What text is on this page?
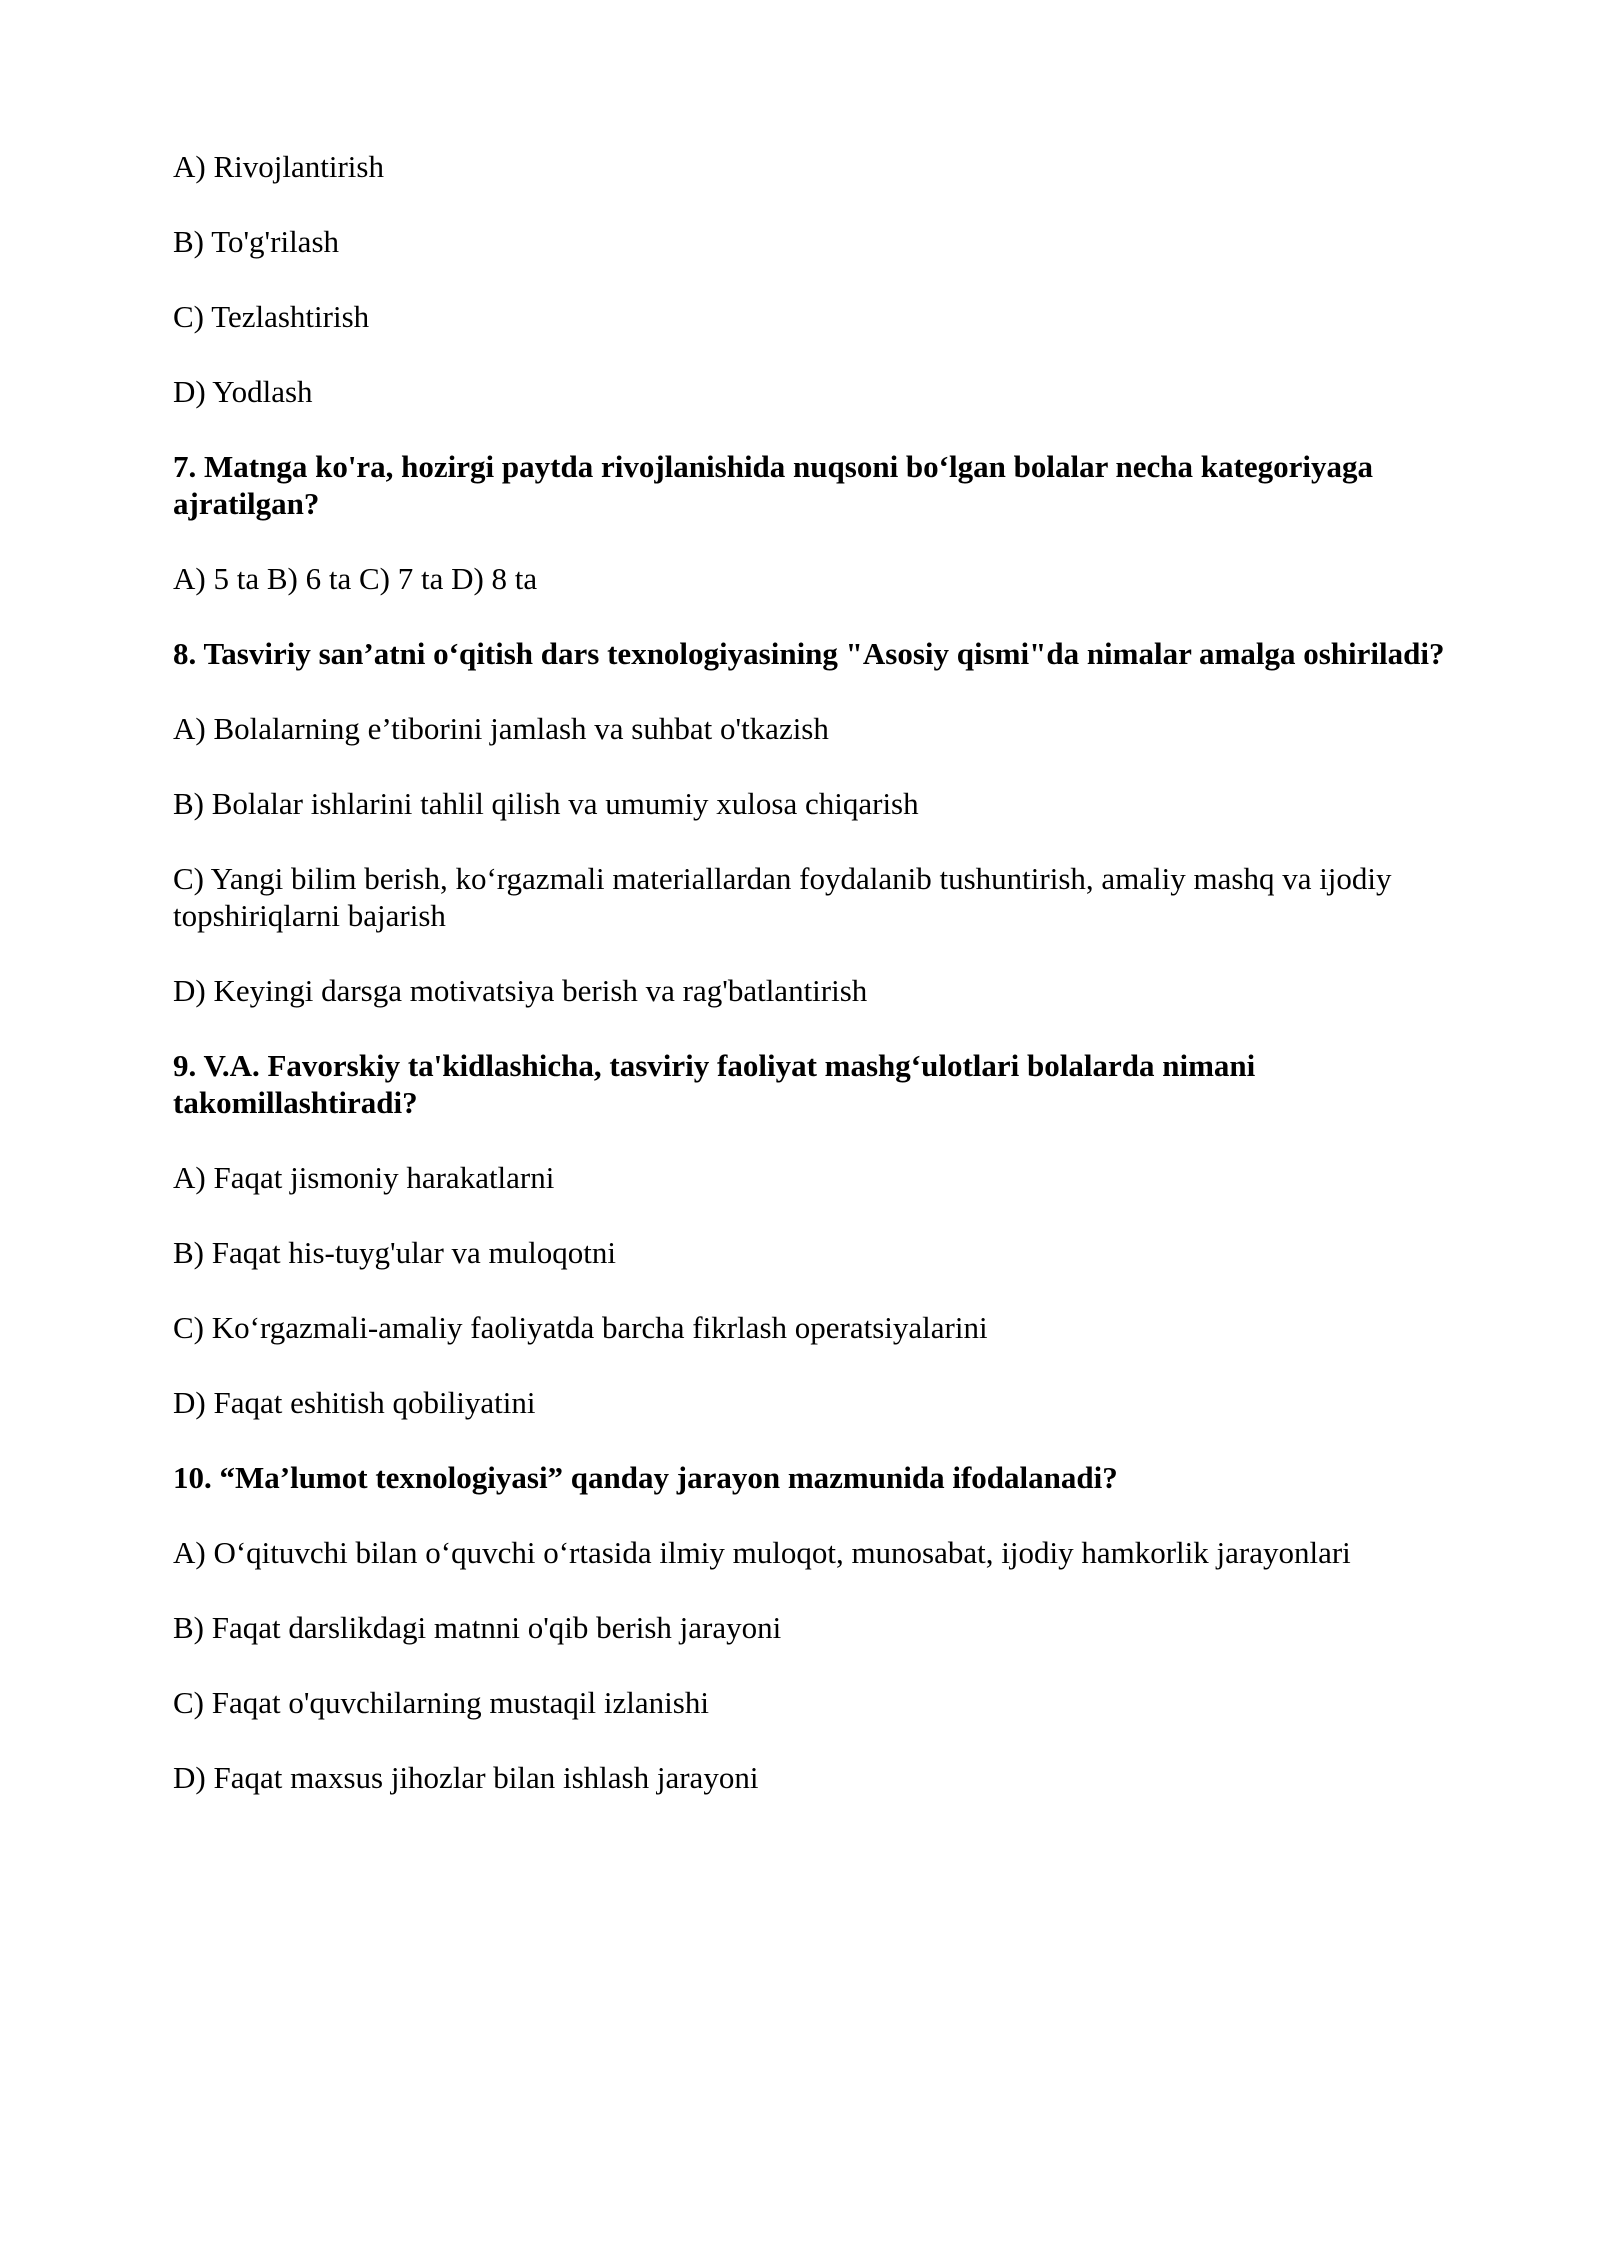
A) Rivojlantirish

B) To'g'rilash

C) Tezlashtirish

D) Yodlash

7. Matnga ko'ra, hozirgi paytda rivojlanishida nuqsoni bo‘lgan bolalar necha kategoriyaga ajratilgan?

A) 5 ta B) 6 ta C) 7 ta D) 8 ta

8. Tasviriy san’atni o‘qitish dars texnologiyasining "Asosiy qismi"da nimalar amalga oshiriladi?

A) Bolalarning e’tiborini jamlash va suhbat o'tkazish

B) Bolalar ishlarini tahlil qilish va umumiy xulosa chiqarish

C) Yangi bilim berish, ko‘rgazmali materiallardan foydalanib tushuntirish, amaliy mashq va ijodiy topshiriqlarni bajarish

D) Keyingi darsga motivatsiya berish va rag'batlantirish

9. V.A. Favorskiy ta'kidlashicha, tasviriy faoliyat mashg‘ulotlari bolalarda nimani takomillashtiradi?

A) Faqat jismoniy harakatlarni

B) Faqat his-tuyg'ular va muloqotni

C) Ko‘rgazmali-amaliy faoliyatda barcha fikrlash operatsiyalarini

D) Faqat eshitish qobiliyatini

10. “Ma’lumot texnologiyasi” qanday jarayon mazmunida ifodalanadi?

A) O‘qituvchi bilan o‘quvchi o‘rtasida ilmiy muloqot, munosabat, ijodiy hamkorlik jarayonlari

B) Faqat darslikdagi matnni o'qib berish jarayoni

C) Faqat o'quvchilarning mustaqil izlanishi

D) Faqat maxsus jihozlar bilan ishlash jarayoni
